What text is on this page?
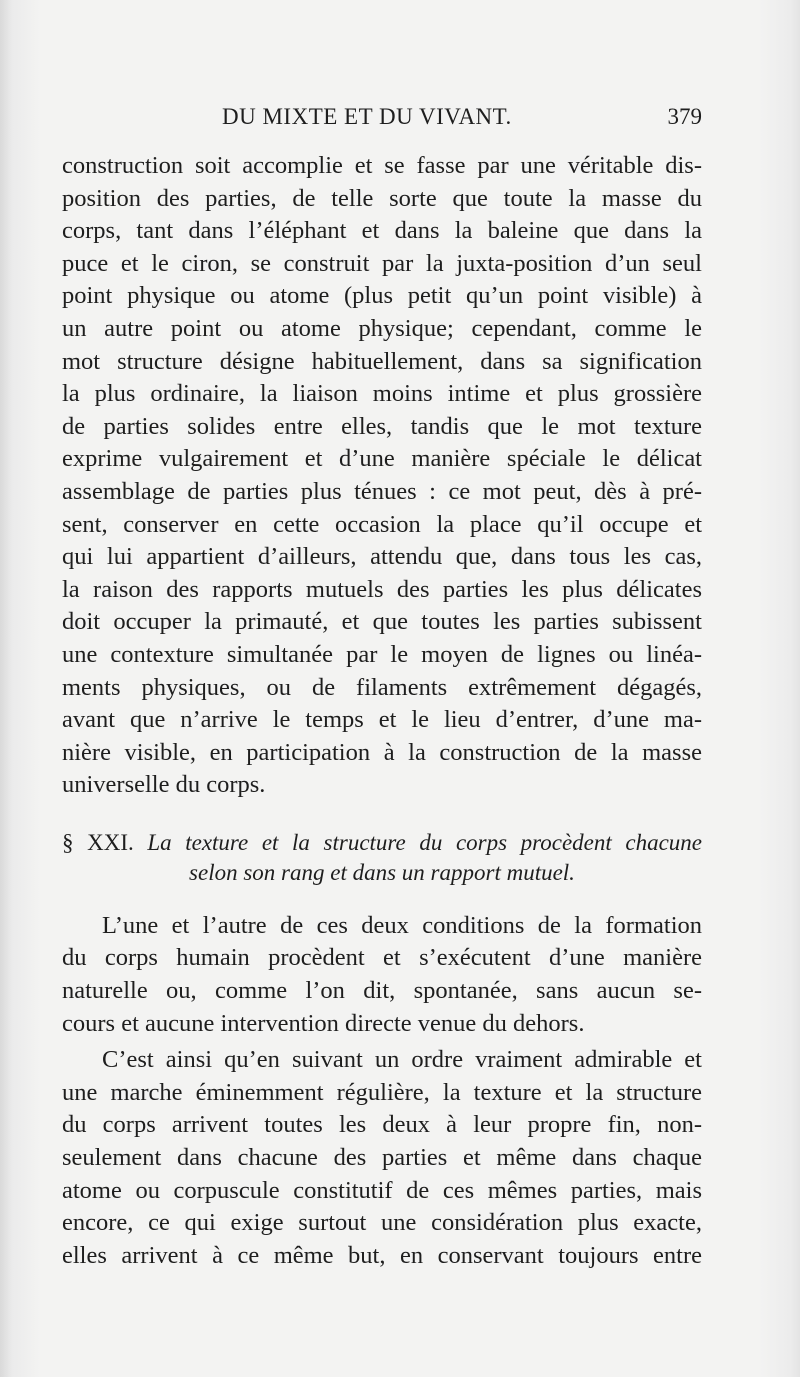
DU MIXTE ET DU VIVANT.	379
construction soit accomplie et se fasse par une véritable dis-
position des parties, de telle sorte que toute la masse du
corps, tant dans l’éléphant et dans la baleine que dans la
puce et le ciron, se construit par la juxta-position d’un seul
point physique ou atome (plus petit qu’un point visible) à
un autre point ou atome physique; cependant, comme le
mot structure désigne habituellement, dans sa signification
la plus ordinaire, la liaison moins intime et plus grossière
de parties solides entre elles, tandis que le mot texture
exprime vulgairement et d’une manière spéciale le délicat
assemblage de parties plus ténues : ce mot peut, dès à pré-
sent, conserver en cette occasion la place qu’il occupe et
qui lui appartient d’ailleurs, attendu que, dans tous les cas,
la raison des rapports mutuels des parties les plus délicates
doit occuper la primauté, et que toutes les parties subissent
une contexture simultanée par le moyen de lignes ou linéa-
ments physiques, ou de filaments extrêmement dégagés,
avant que n’arrive le temps et le lieu d’entrer, d’une ma-
nière visible, en participation à la construction de la masse
universelle du corps.
§ XXI. La texture et la structure du corps procèdent chacune
selon son rang et dans un rapport mutuel.
L’une et l’autre de ces deux conditions de la formation
du corps humain procèdent et s’exécutent d’une manière
naturelle ou, comme l’on dit, spontanée, sans aucun se-
cours et aucune intervention directe venue du dehors.
C’est ainsi qu’en suivant un ordre vraiment admirable et
une marche éminemment régulière, la texture et la structure
du corps arrivent toutes les deux à leur propre fin, non-
seulement dans chacune des parties et même dans chaque
atome ou corpuscule constitutif de ces mêmes parties, mais
encore, ce qui exige surtout une considération plus exacte,
elles arrivent à ce même but, en conservant toujours entre
